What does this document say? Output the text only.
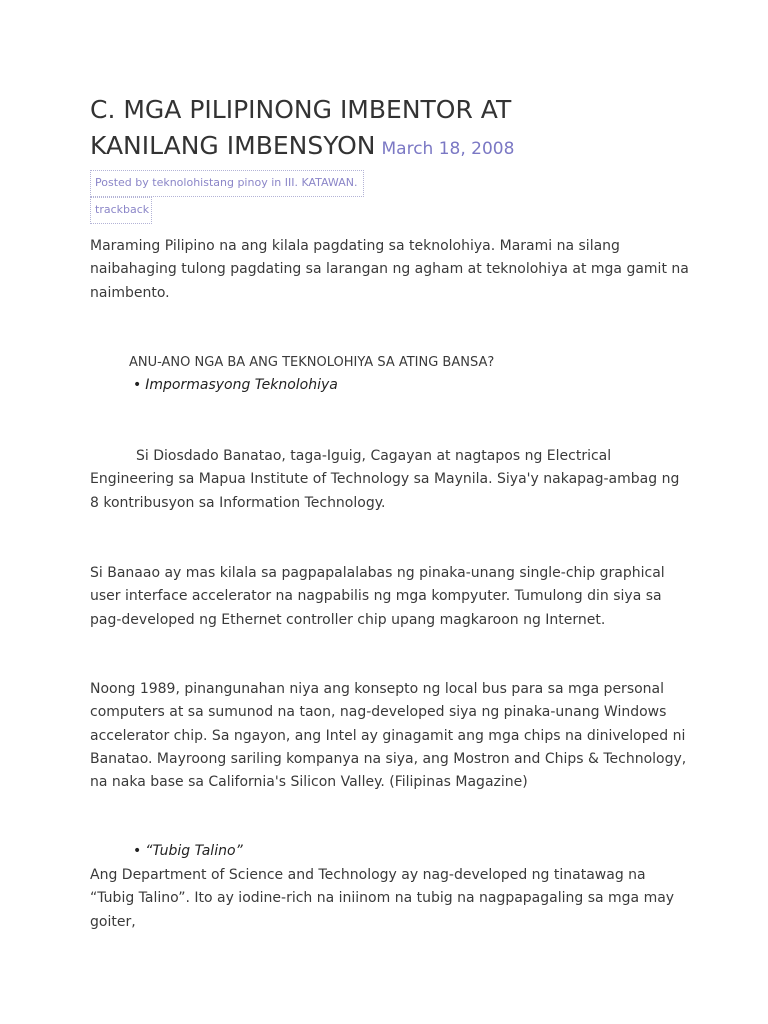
C. MGA PILIPINONG IMBENTOR AT
KANILANG IMBENSYON March 18, 2008
Posted by teknolohistang pinoy in III. KATAWAN.
trackback

Maraming Pilipino na ang kilala pagdating sa teknolohiya. Marami na silang naibahaging tulong pagdating sa larangan ng agham at teknolohiya at mga gamit na naimbento.

ANU-ANO NGA BA ANG TEKNOLOHIYA SA ATING BANSA?
• Impormasyong Teknolohiya

Si Diosdado Banatao, taga-Iguig, Cagayan at nagtapos ng Electrical Engineering sa Mapua Institute of Technology sa Maynila. Siya'y nakapag-ambag ng 8 kontribusyon sa Information Technology.

Si Banaao ay mas kilala sa pagpapalalabas ng pinaka-unang single-chip graphical user interface accelerator na nagpabilis ng mga kompyuter. Tumulong din siya sa pag-developed ng Ethernet controller chip upang magkaroon ng Internet.

Noong 1989, pinangunahan niya ang konsepto ng local bus para sa mga personal computers at sa sumunod na taon, nag-developed siya ng pinaka-unang Windows accelerator chip. Sa ngayon, ang Intel ay ginagamit ang mga chips na diniveloped ni Banatao. Mayroong sariling kompanya na siya, ang Mostron and Chips & Technology, na naka base sa California's Silicon Valley. (Filipinas Magazine)

• “Tubig Talino”

Ang Department of Science and Technology ay nag-developed ng tinatawag na “Tubig Talino”. Ito ay iodine-rich na iniinom na tubig na nagpapagaling sa mga may goiter,
